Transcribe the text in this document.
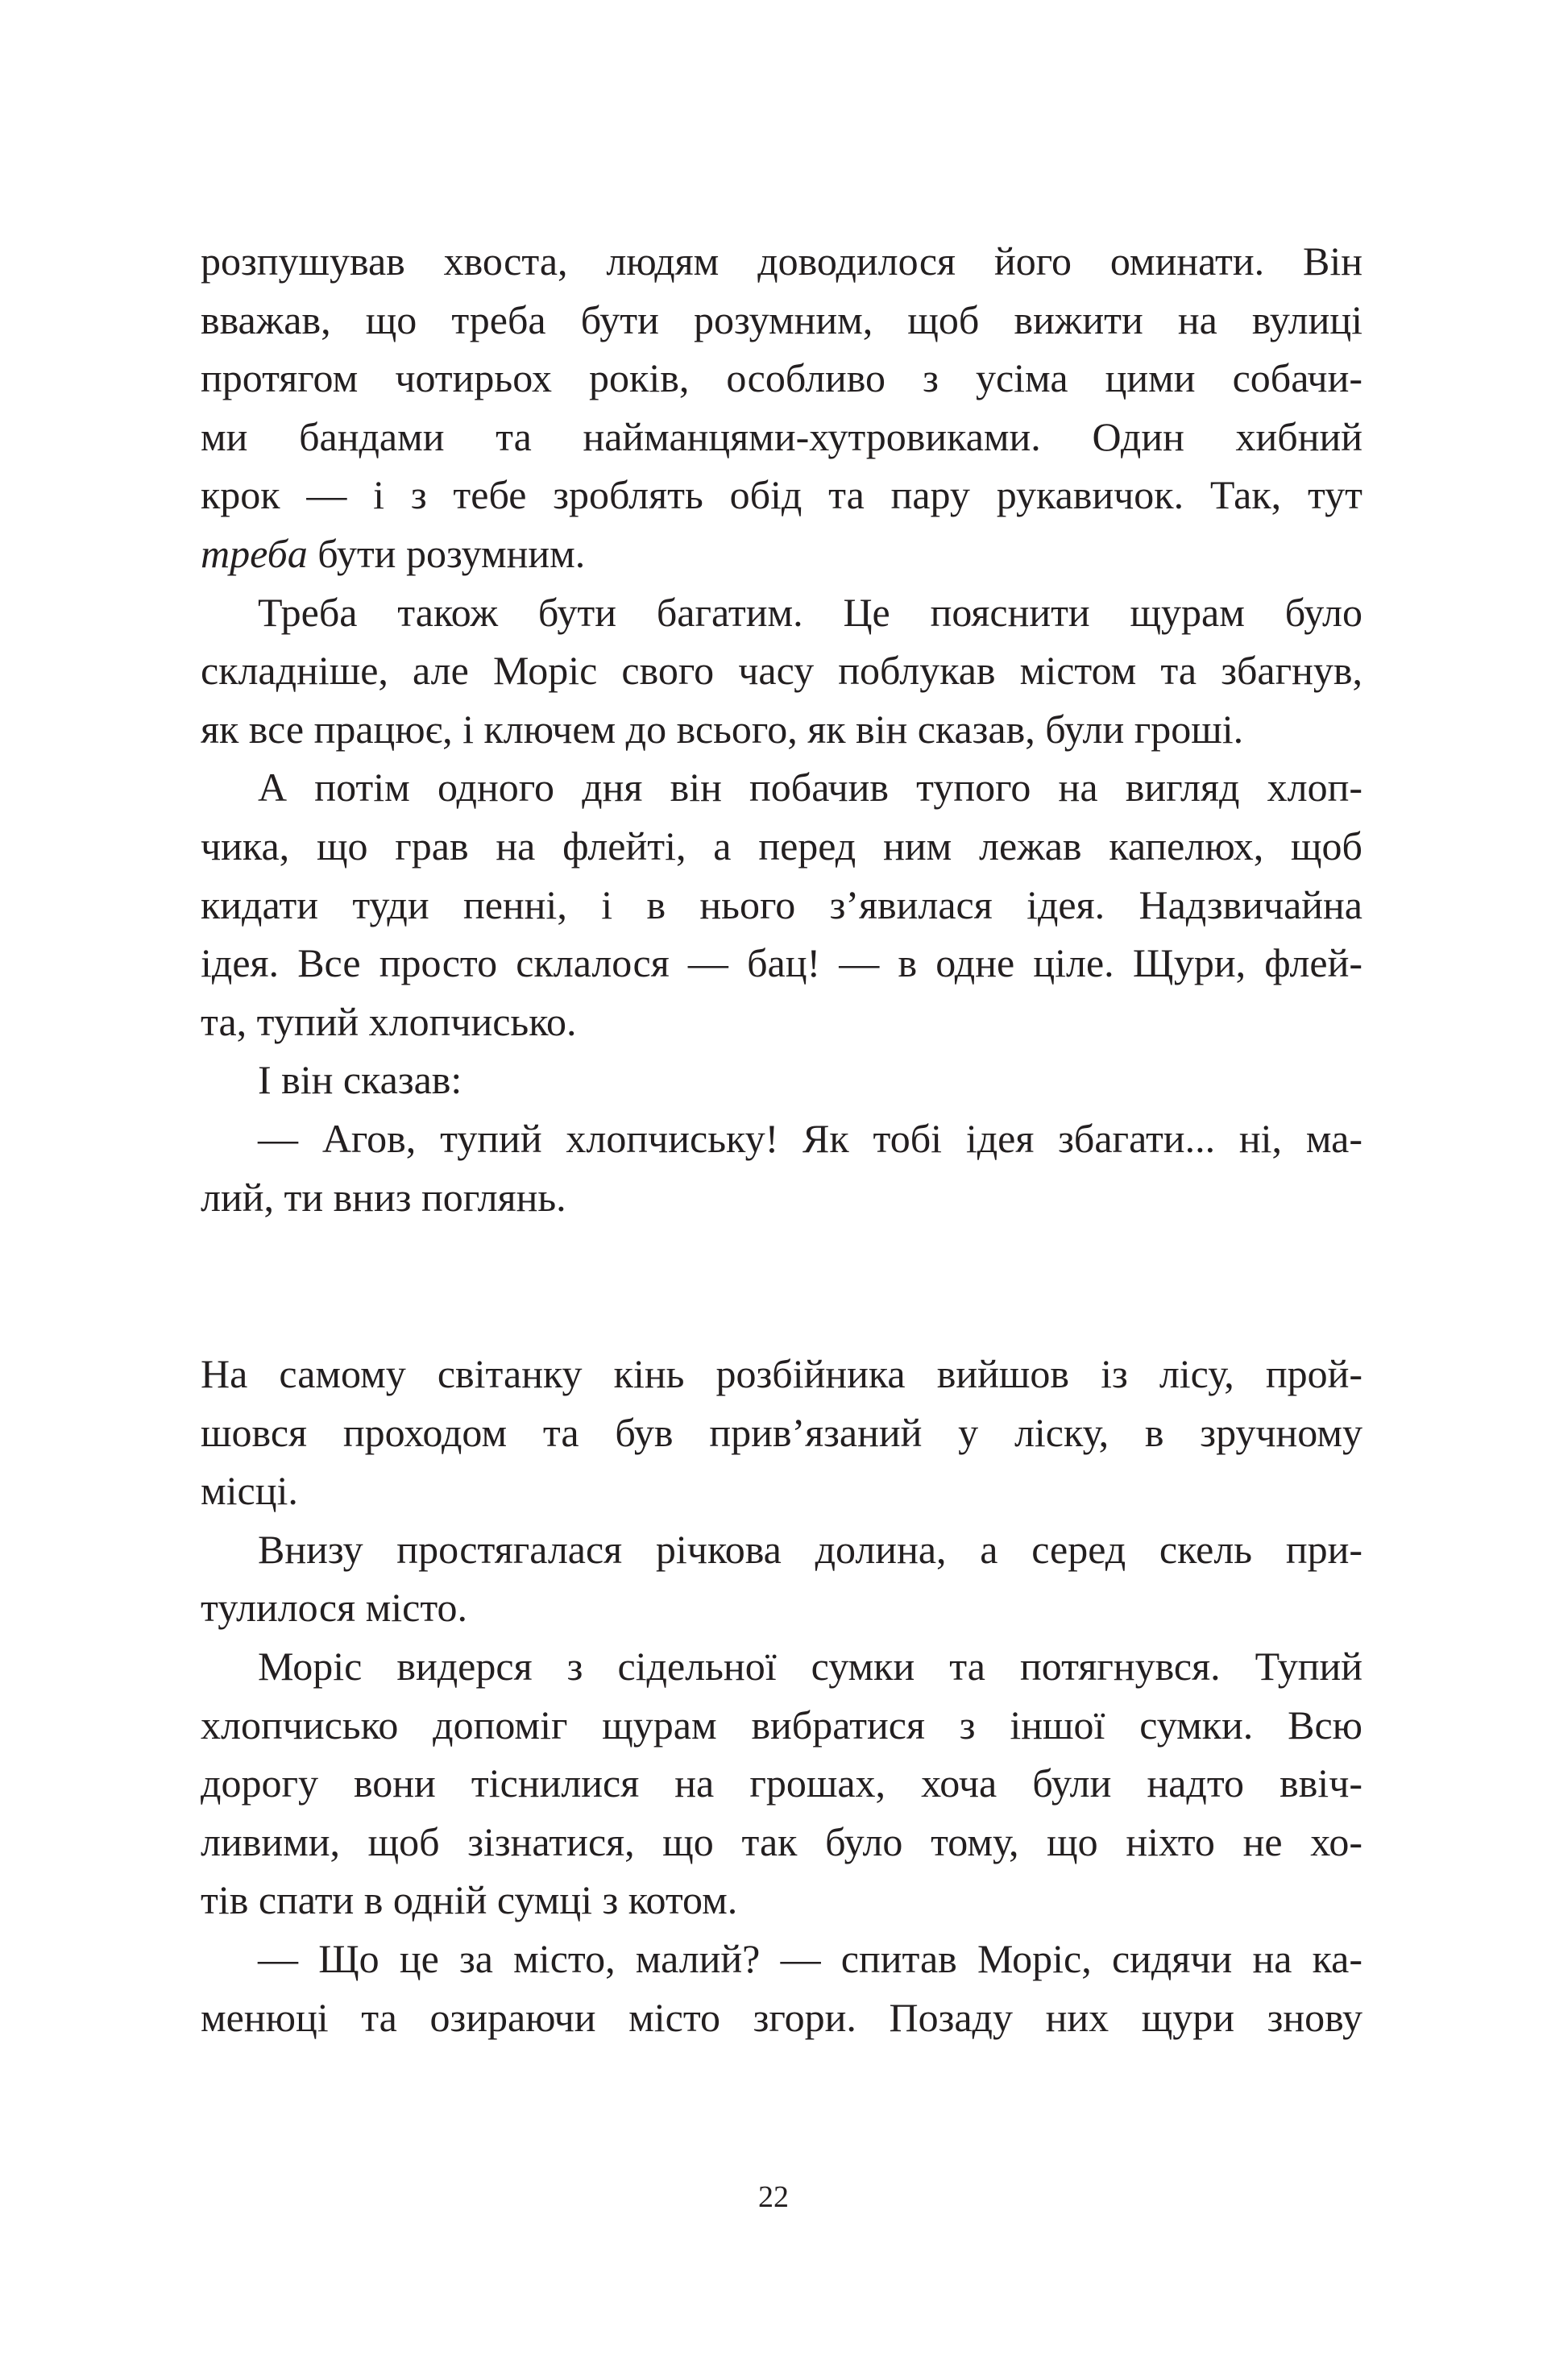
розпушував хвоста, людям доводилося його оминати. Він
вважав, що треба бути розумним, щоб вижити на вулиці
протягом чотирьох років, особливо з усіма цими собачи-
ми бандами та найманцями-хутровиками. Один хибний
крок — і з тебе зроблять обід та пару рукавичок. Так, тут
треба бути розумним.
Треба також бути багатим. Це пояснити щурам було
складніше, але Моріс свого часу поблукав містом та збагнув,
як все працює, і ключем до всього, як він сказав, були гроші.
А потім одного дня він побачив тупого на вигляд хлоп-
чика, що грав на флейті, а перед ним лежав капелюх, щоб
кидати туди пенні, і в нього з’явилася ідея. Надзвичайна
ідея. Все просто склалося — бац! — в одне ціле. Щури, флей-
та, тупий хлопчисько.
І він сказав:
— Агов, тупий хлопчиську! Як тобі ідея збагати... ні, ма-
лий, ти вниз поглянь.
На самому світанку кінь розбійника вийшов із лісу, прой-
шовся проходом та був прив’язаний у ліску, в зручному
місці.
Внизу простягалася річкова долина, а серед скель при-
тулилося місто.
Моріс видерся з сідельної сумки та потягнувся. Тупий
хлопчисько допоміг щурам вибратися з іншої сумки. Всю
дорогу вони тіснилися на грошах, хоча були надто ввіч-
ливими, щоб зізнатися, що так було тому, що ніхто не хо-
тів спати в одній сумці з котом.
— Що це за місто, малий? — спитав Моріс, сидячи на ка-
менюці та озираючи місто згори. Позаду них щури знову
22
